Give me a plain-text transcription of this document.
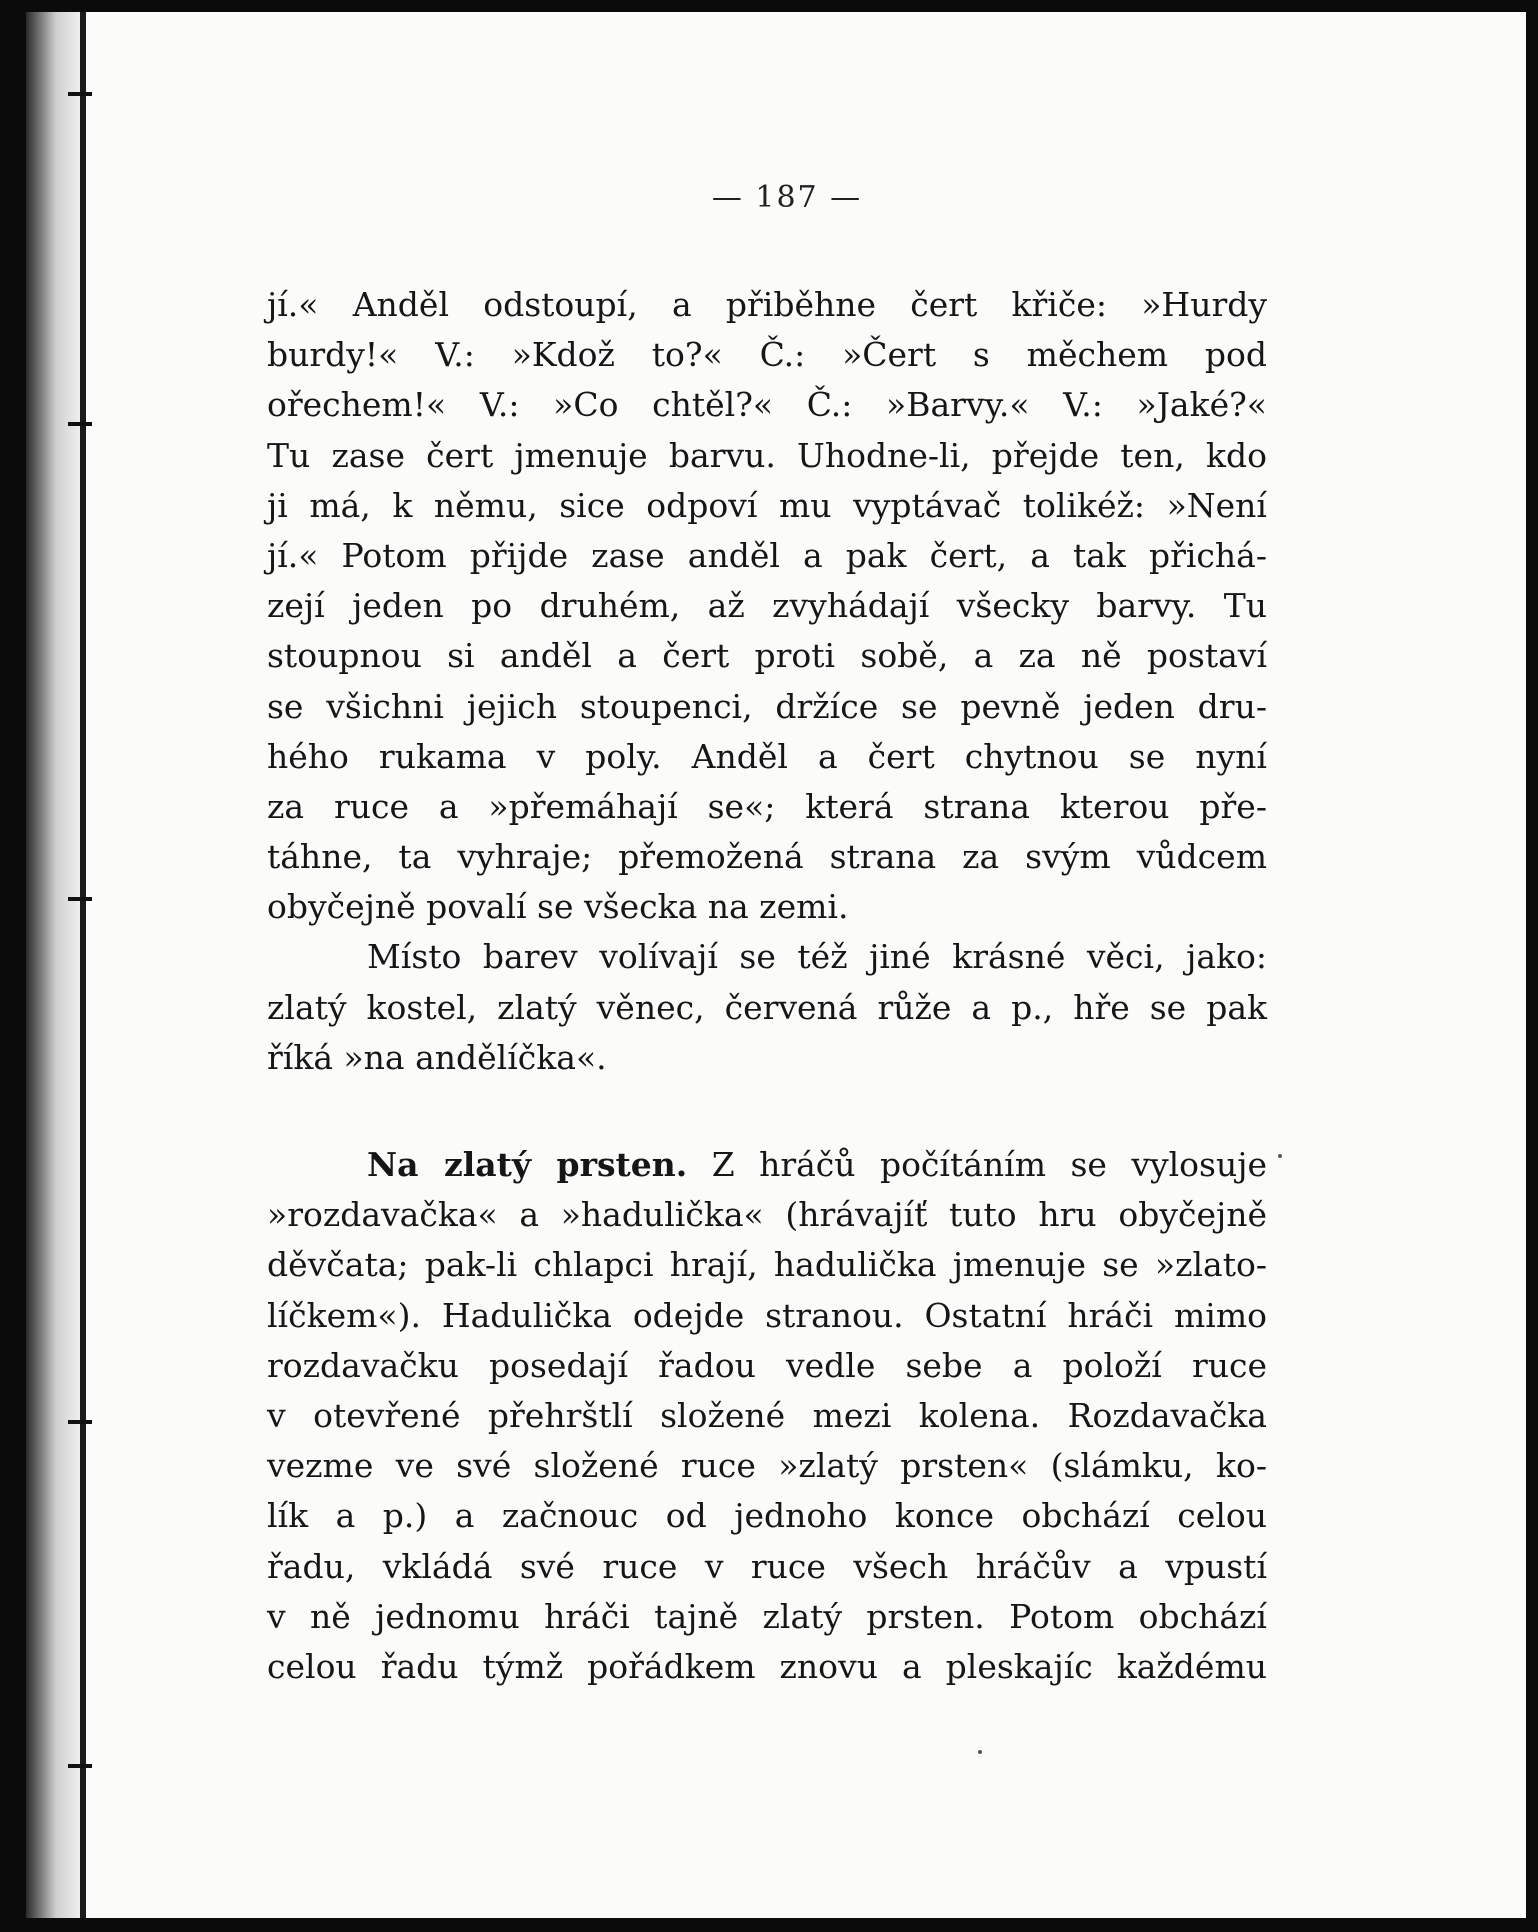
— 187 —
jí.« Anděl odstoupí, a přiběhne čert křiče: »Hurdy
burdy!« V.: »Kdož to?« Č.: »Čert s měchem pod
ořechem!« V.: »Co chtěl?« Č.: »Barvy.« V.: »Jaké?«
Tu zase čert jmenuje barvu. Uhodne-li, přejde ten, kdo
ji má, k němu, sice odpoví mu vyptávač tolikéž: »Není
jí.« Potom přijde zase anděl a pak čert, a tak přichá-
zejí jeden po druhém, až zvyhádají všecky barvy. Tu
stoupnou si anděl a čert proti sobě, a za ně postaví
se všichni jejich stoupenci, držíce se pevně jeden dru-
hého rukama v poly. Anděl a čert chytnou se nyní
za ruce a »přemáhají se«; která strana kterou pře-
táhne, ta vyhraje; přemožená strana za svým vůdcem
obyčejně povalí se všecka na zemi.
Místo barev volívají se též jiné krásné věci, jako:
zlatý kostel, zlatý věnec, červená růže a p., hře se pak
říká »na andělíčka«.
Na zlatý prsten. Z hráčů počítáním se vylosuje
»rozdavačka« a »hadulička« (hrávajíť tuto hru obyčejně
děvčata; pak-li chlapci hrají, hadulička jmenuje se »zlato-
líčkem«). Hadulička odejde stranou. Ostatní hráči mimo
rozdavačku posedají řadou vedle sebe a položí ruce
v otevřené přehrštlí složené mezi kolena. Rozdavačka
vezme ve své složené ruce »zlatý prsten« (slámku, ko-
lík a p.) a začnouc od jednoho konce obchází celou
řadu, vkládá své ruce v ruce všech hráčův a vpustí
v ně jednomu hráči tajně zlatý prsten. Potom obchází
celou řadu týmž pořádkem znovu a pleskajíc každému
